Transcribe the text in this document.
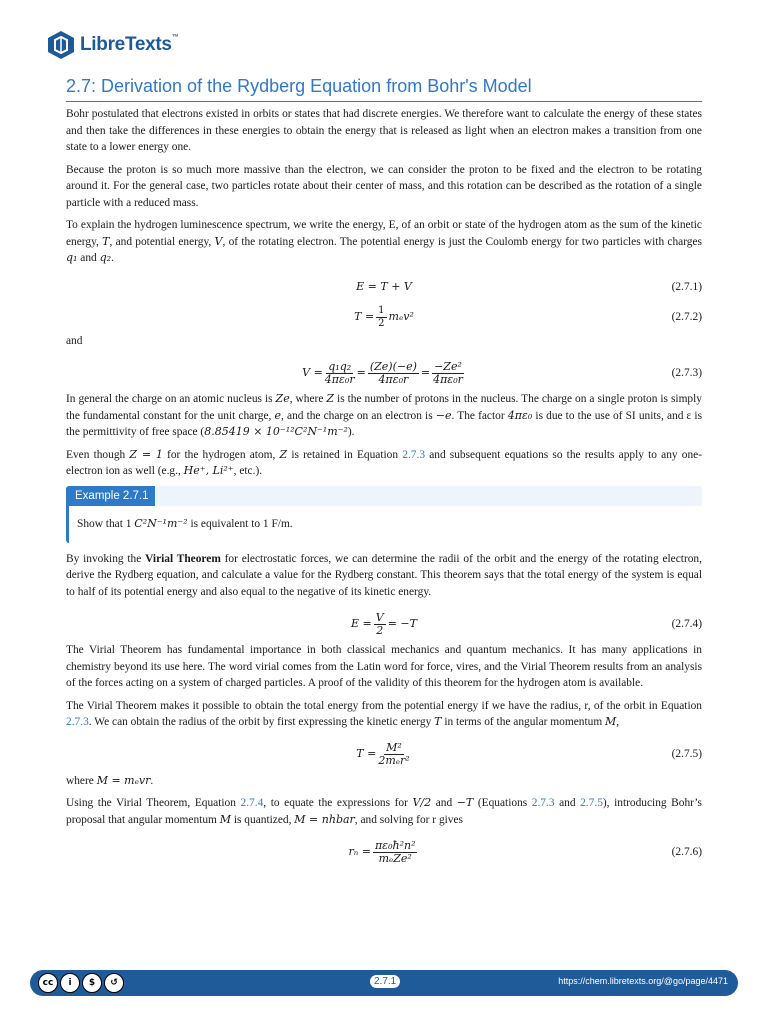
LibreTexts™
2.7: Derivation of the Rydberg Equation from Bohr's Model

Bohr postulated that electrons existed in orbits or states that had discrete energies. We therefore want to calculate the energy of these states and then take the differences in these energies to obtain the energy that is released as light when an electron makes a transition from one state to a lower energy one.

Because the proton is so much more massive than the electron, we can consider the proton to be fixed and the electron to be rotating around it. For the general case, two particles rotate about their center of mass, and this rotation can be described as the rotation of a single particle with a reduced mass.

To explain the hydrogen luminescence spectrum, we write the energy, E, of an orbit or state of the hydrogen atom as the sum of the kinetic energy, T, and potential energy, V, of the rotating electron. The potential energy is just the Coulomb energy for two particles with charges q₁ and q₂.

E = T + V	(2.7.1)
$T = \frac{1}{2} m_ev^2$	(2.7.2)

and

$V = \frac{\text{q₁q₂}}{\text{4πε₀r}} = \frac{(Ze)(-e)}{\text{4πε₀r}} = \frac{\text{−Ze²}}{\text{4πε₀r}}$	(2.7.3)

In general the charge on an atomic nucleus is Ze, where Z is the number of protons in the nucleus. The charge on a single proton is simply the fundamental constant for the unit charge, e, and the charge on an electron is −e. The factor 4πε₀ is due to the use of SI units, and ε is the permittivity of free space (8.85419 × 10⁻¹²C²N⁻¹m⁻²).

Even though Z = 1 for the hydrogen atom, Z is retained in Equation 2.7.3 and subsequent equations so the results apply to any one-electron ion as well (e.g., He⁺, Li²⁺, etc.).

Example 2.7.1
Show that 1 C²N⁻¹m⁻² is equivalent to 1 F/m.

By invoking the Virial Theorem for electrostatic forces, we can determine the radii of the orbit and the energy of the rotating electron, derive the Rydberg equation, and calculate a value for the Rydberg constant. This theorem says that the total energy of the system is equal to half of its potential energy and also equal to the negative of its kinetic energy.

$E = \frac{V}{2} = -T$	(2.7.4)

The Virial Theorem has fundamental importance in both classical mechanics and quantum mechanics. It has many applications in chemistry beyond its use here. The word virial comes from the Latin word for force, vires, and the Virial Theorem results from an analysis of the forces acting on a system of charged particles. A proof of the validity of this theorem for the hydrogen atom is available.

The Virial Theorem makes it possible to obtain the total energy from the potential energy if we have the radius, r, of the orbit in Equation 2.7.3. We can obtain the radius of the orbit by first expressing the kinetic energy T in terms of the angular momentum M,

$T = \frac{\text{M²}}{\text{2mₑr²}}$	(2.7.5)

where M = mₑvr.

Using the Virial Theorem, Equation 2.7.4, to equate the expressions for V/2 and −T (Equations 2.7.3 and 2.7.5), introducing Bohr’s proposal that angular momentum M is quantized, M = nhbar, and solving for r gives

$r_n = \frac{\text{πε₀ħ²n²}}{\text{mₑZe²}}$	(2.7.6)
cc	i	$	↺	2.7.1	https://chem.libretexts.org/@go/page/4471
